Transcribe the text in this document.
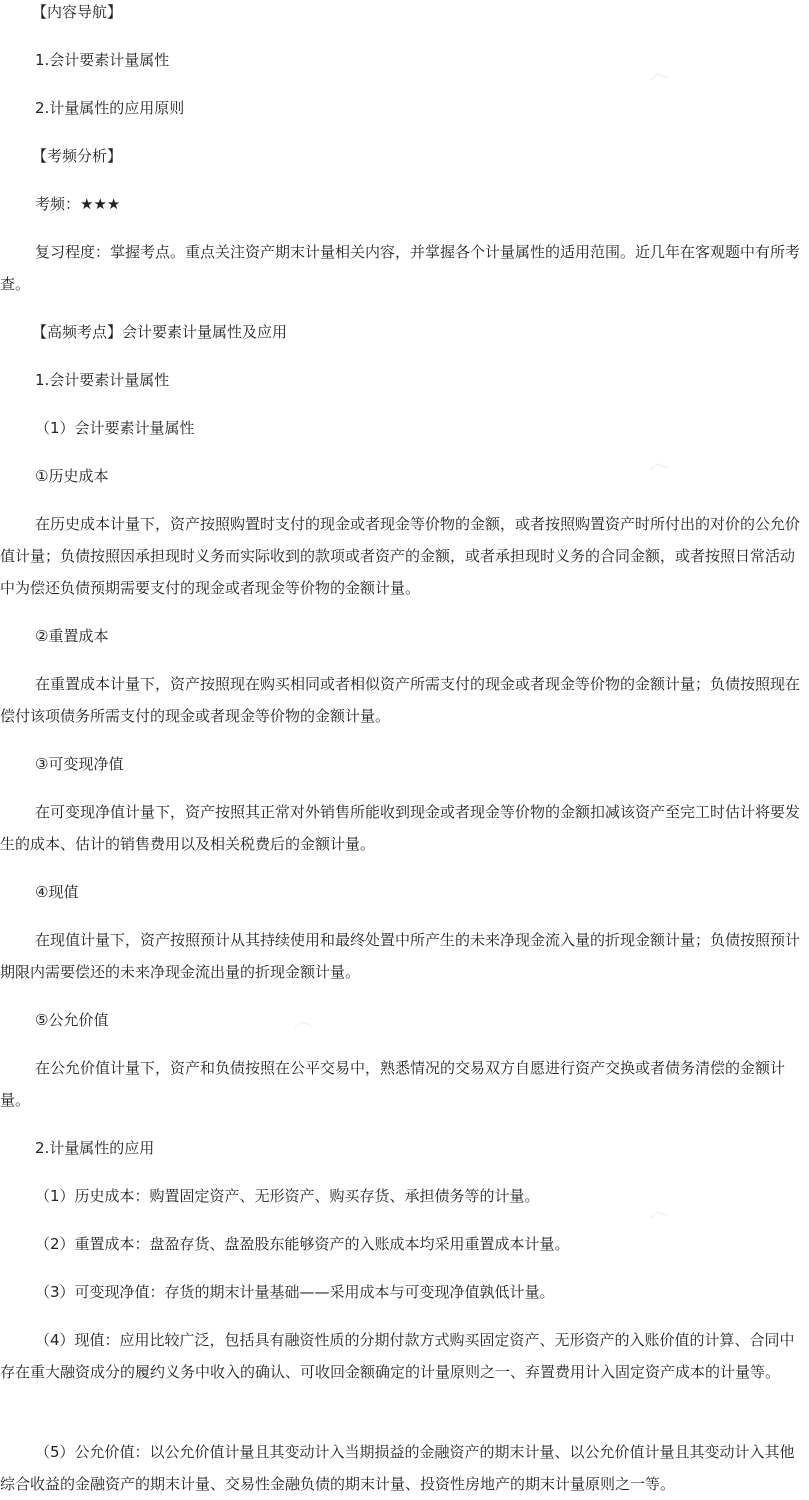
【内容导航】

1.会计要素计量属性

2.计量属性的应用原则

【考频分析】

考频：★★★

复习程度：掌握考点。重点关注资产期末计量相关内容，并掌握各个计量属性的适用范围。近几年在客观题中有所考查。

【高频考点】会计要素计量属性及应用

1.会计要素计量属性

（1）会计要素计量属性

①历史成本

在历史成本计量下，资产按照购置时支付的现金或者现金等价物的金额，或者按照购置资产时所付出的对价的公允价值计量；负债按照因承担现时义务而实际收到的款项或者资产的金额，或者承担现时义务的合同金额，或者按照日常活动中为偿还负债预期需要支付的现金或者现金等价物的金额计量。

②重置成本

在重置成本计量下，资产按照现在购买相同或者相似资产所需支付的现金或者现金等价物的金额计量；负债按照现在偿付该项债务所需支付的现金或者现金等价物的金额计量。

③可变现净值

在可变现净值计量下，资产按照其正常对外销售所能收到现金或者现金等价物的金额扣减该资产至完工时估计将要发生的成本、估计的销售费用以及相关税费后的金额计量。

④现值

在现值计量下，资产按照预计从其持续使用和最终处置中所产生的未来净现金流入量的折现金额计量；负债按照预计期限内需要偿还的未来净现金流出量的折现金额计量。

⑤公允价值

在公允价值计量下，资产和负债按照在公平交易中，熟悉情况的交易双方自愿进行资产交换或者债务清偿的金额计量。

2.计量属性的应用

（1）历史成本：购置固定资产、无形资产、购买存货、承担债务等的计量。

（2）重置成本：盘盈存货、盘盈股东能够资产的入账成本均采用重置成本计量。

（3）可变现净值：存货的期末计量基础——采用成本与可变现净值孰低计量。

（4）现值：应用比较广泛，包括具有融资性质的分期付款方式购买固定资产、无形资产的入账价值的计算、合同中存在重大融资成分的履约义务中收入的确认、可收回金额确定的计量原则之一、弃置费用计入固定资产成本的计量等。

（5）公允价值：以公允价值计量且其变动计入当期损益的金融资产的期末计量、以公允价值计量且其变动计入其他综合收益的金融资产的期末计量、交易性金融负债的期末计量、投资性房地产的期末计量原则之一等。
